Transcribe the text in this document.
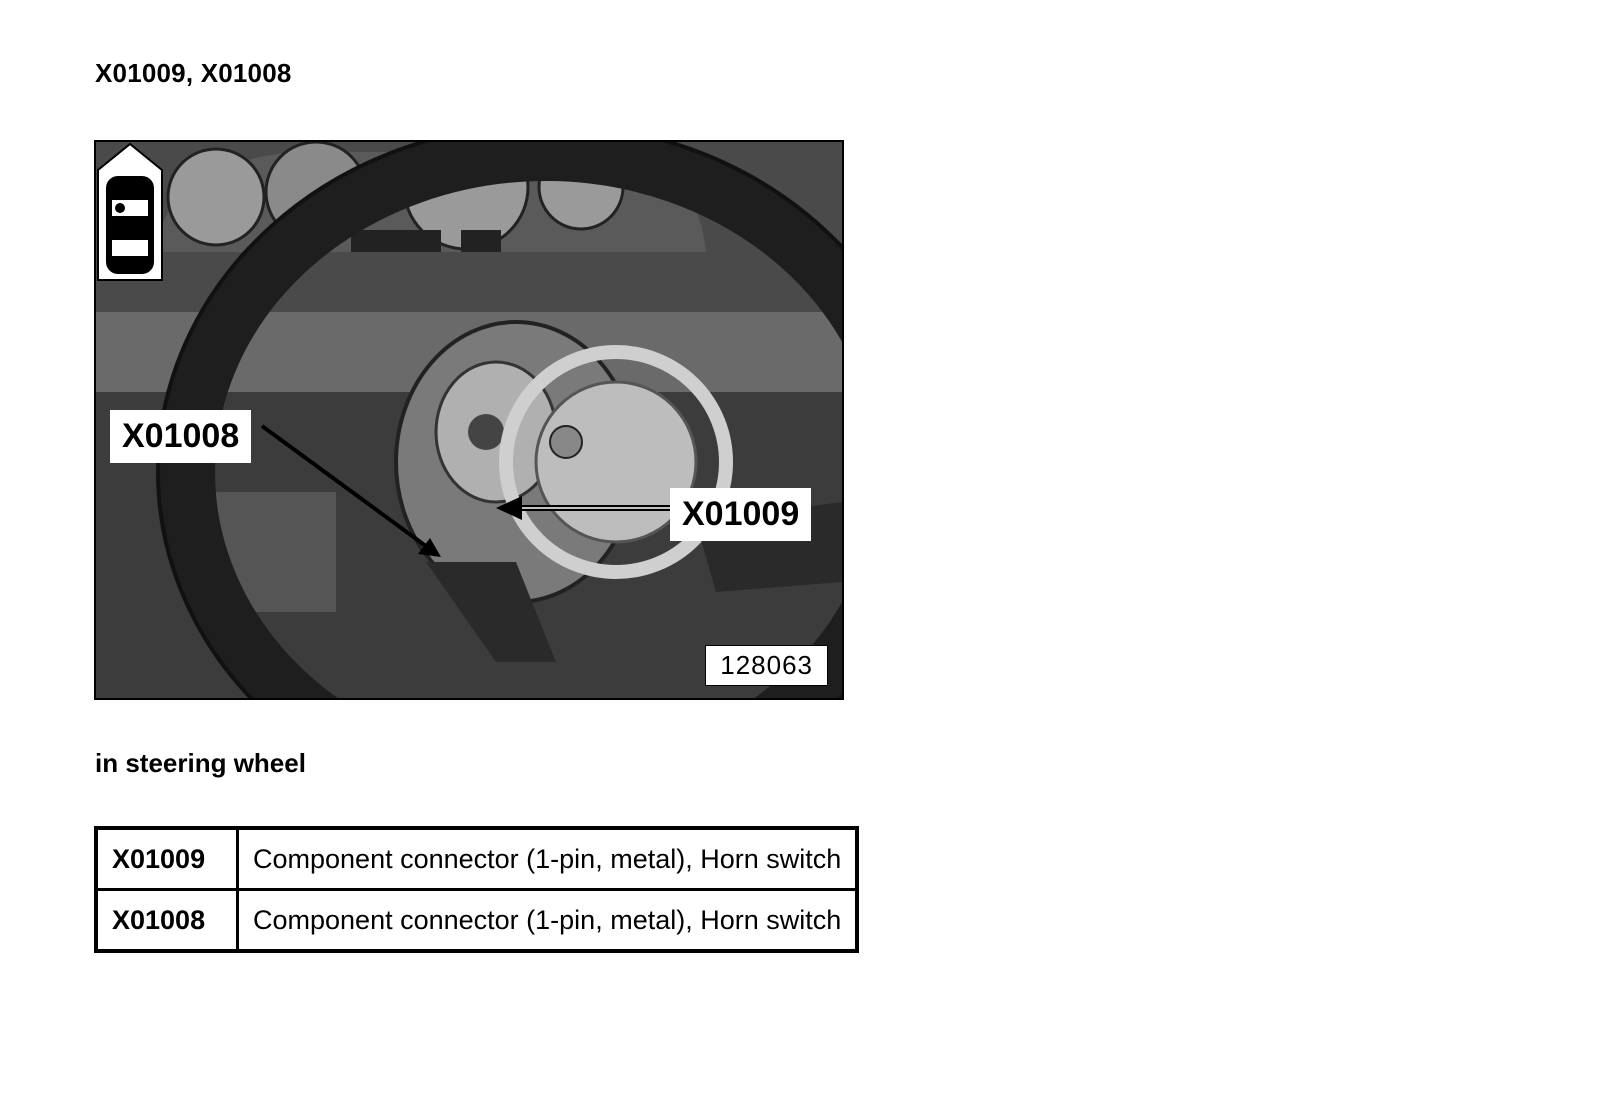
X01009, X01008
X01008
X01009
128063
in steering wheel
X01009	Component connector (1-pin, metal), Horn switch
X01008	Component connector (1-pin, metal), Horn switch
